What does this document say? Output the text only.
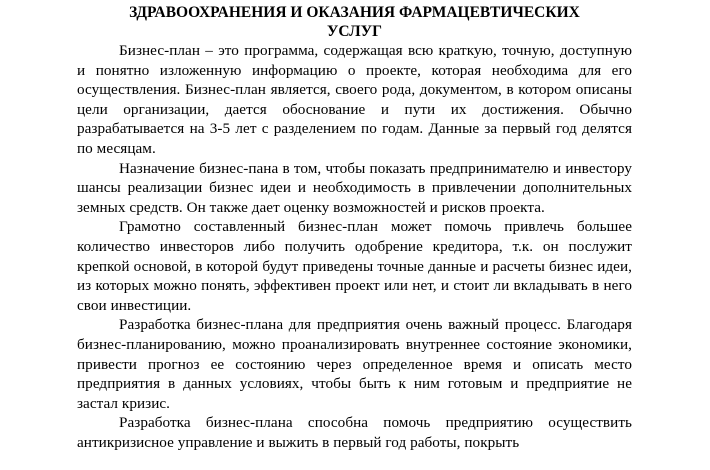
ЗДРАВООХРАНЕНИЯ И ОКАЗАНИЯ ФАРМАЦЕВТИЧЕСКИХ
УСЛУГ

Бизнес-план – это программа, содержащая всю краткую, точную, доступную и понятно изложенную информацию о проекте, которая необходима для его осуществления. Бизнес-план является, своего рода, документом, в котором описаны цели организации, дается обоснование и пути их достижения. Обычно разрабатывается на 3-5 лет с разделением по годам. Данные за первый год делятся по месяцам.

Назначение бизнес-пана в том, чтобы показать предпринимателю и инвестору шансы реализации бизнес идеи и необходимость в привлечении дополнительных земных средств. Он также дает оценку возможностей и рисков проекта.

Грамотно составленный бизнес-план может помочь привлечь большее количество инвесторов либо получить одобрение кредитора, т.к. он послужит крепкой основой, в которой будут приведены точные данные и расчеты бизнес идеи, из которых можно понять, эффективен проект или нет, и стоит ли вкладывать в него свои инвестиции.

Разработка бизнес-плана для предприятия очень важный процесс. Благодаря бизнес-планированию, можно проанализировать внутреннее состояние экономики, привести прогноз ее состоянию через определенное время и описать место предприятия в данных условиях, чтобы быть к ним готовым и предприятие не застал кризис.

Разработка бизнес-плана способна помочь предприятию осуществить антикризисное управление и выжить в первый год работы, покрыть
